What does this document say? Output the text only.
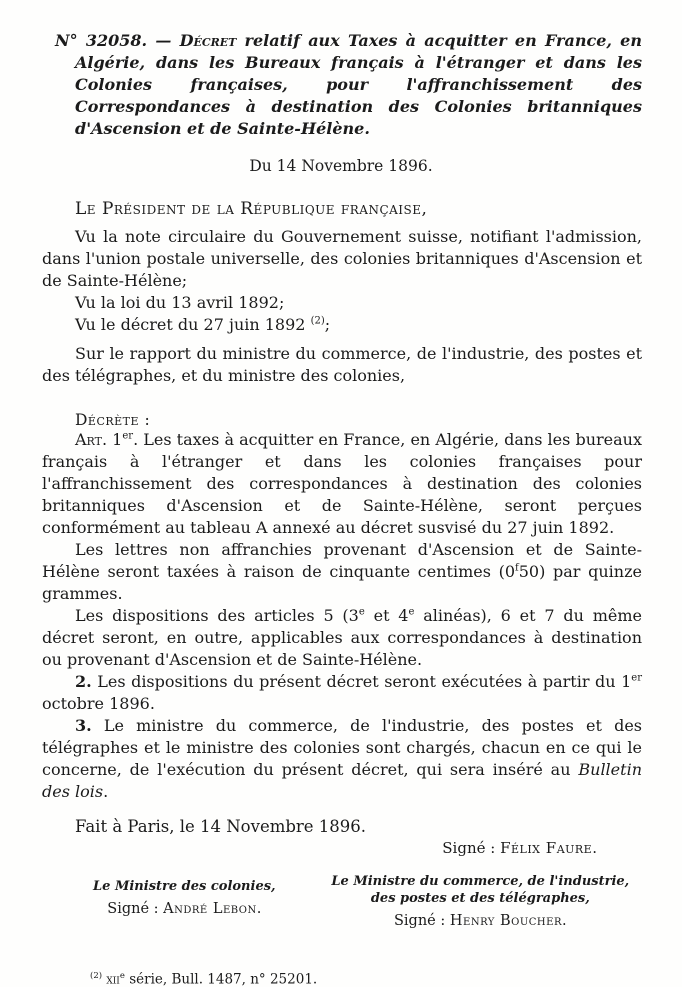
N° 32058. — Décret relatif aux Taxes à acquitter en France, en Algérie, dans les Bureaux français à l'étranger et dans les Colonies françaises, pour l'affranchissement des Correspondances à destination des Colonies britanniques d'Ascension et de Sainte-Hélène.

Du 14 Novembre 1896.

Le Président de la République française,

Vu la note circulaire du Gouvernement suisse, notifiant l'admission, dans l'union postale universelle, des colonies britanniques d'Ascension et de Sainte-Hélène;

Vu la loi du 13 avril 1892;

Vu le décret du 27 juin 1892 $^{(2)}$;

Sur le rapport du ministre du commerce, de l'industrie, des postes et des télégraphes, et du ministre des colonies,

Décrète :

Art. 1er. Les taxes à acquitter en France, en Algérie, dans les bureaux français à l'étranger et dans les colonies françaises pour l'affranchissement des correspondances à destination des colonies britanniques d'Ascension et de Sainte-Hélène, seront perçues conformément au tableau A annexé au décret susvisé du 27 juin 1892.

Les lettres non affranchies provenant d'Ascension et de Sainte-Hélène seront taxées à raison de cinquante centimes (0$^f$50) par quinze grammes.

Les dispositions des articles 5 (3e et 4e alinéas), 6 et 7 du même décret seront, en outre, applicables aux correspondances à destination ou provenant d'Ascension et de Sainte-Hélène.

2. Les dispositions du présent décret seront exécutées à partir du 1er octobre 1896.

3. Le ministre du commerce, de l'industrie, des postes et des télégraphes et le ministre des colonies sont chargés, chacun en ce qui le concerne, de l'exécution du présent décret, qui sera inséré au Bulletin des lois.

Fait à Paris, le 14 Novembre 1896.

Signé : Félix Faure.

Le Ministre des colonies,
Signé : André Lebon.
Le Ministre du commerce, de l'industrie,
des postes et des télégraphes,
Signé : Henry Boucher.

$^{(2)}$ xii$^e$ série, Bull. 1487, n° 25201.
